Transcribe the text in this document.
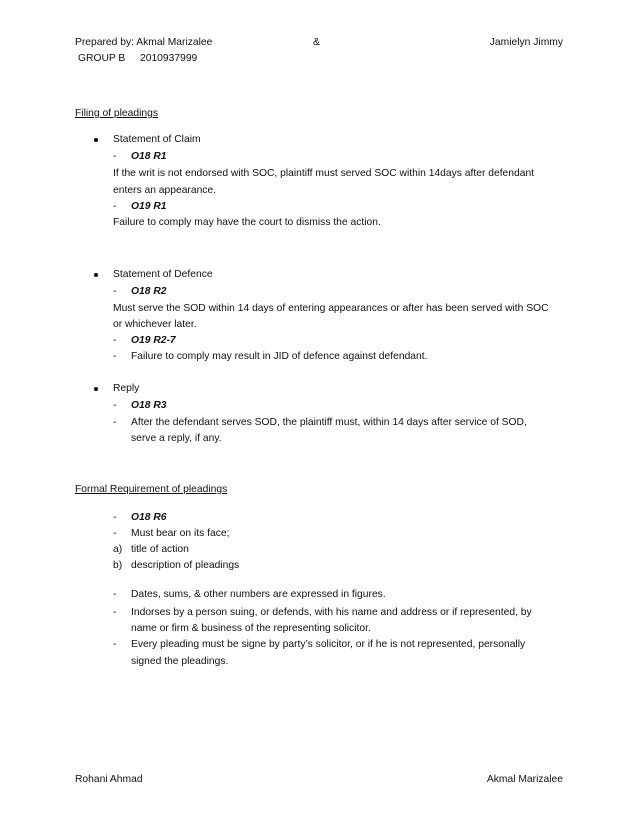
Prepared by: Akmal Marizalee	&	Jamielyn Jimmy
GROUP B 2010937999
Filing of pleadings
Statement of Claim
-	O18 R1
If the writ is not endorsed with SOC, plaintiff must served SOC within 14days after defendant
enters an appearance.
-	O19 R1
Failure to comply may have the court to dismiss the action.
Statement of Defence
-	O18 R2
Must serve the SOD within 14 days of entering appearances or after has been served with SOC
or whichever later.
-	O19 R2-7
-	Failure to comply may result in JID of defence against defendant.
Reply
-	O18 R3
-	After the defendant serves SOD, the plaintiff must, within 14 days after service of SOD,
serve a reply, if any.
Formal Requirement of pleadings
-	O18 R6
-	Must bear on its face;
a) title of action
b) description of pleadings
-	Dates, sums, & other numbers are expressed in figures.
-	Indorses by a person suing, or defends, with his name and address or if represented, by
name or firm & business of the representing solicitor.
-	Every pleading must be signe by party’s solicitor, or if he is not represented, personally
signed the pleadings.
Rohani Ahmad	Akmal Marizalee
